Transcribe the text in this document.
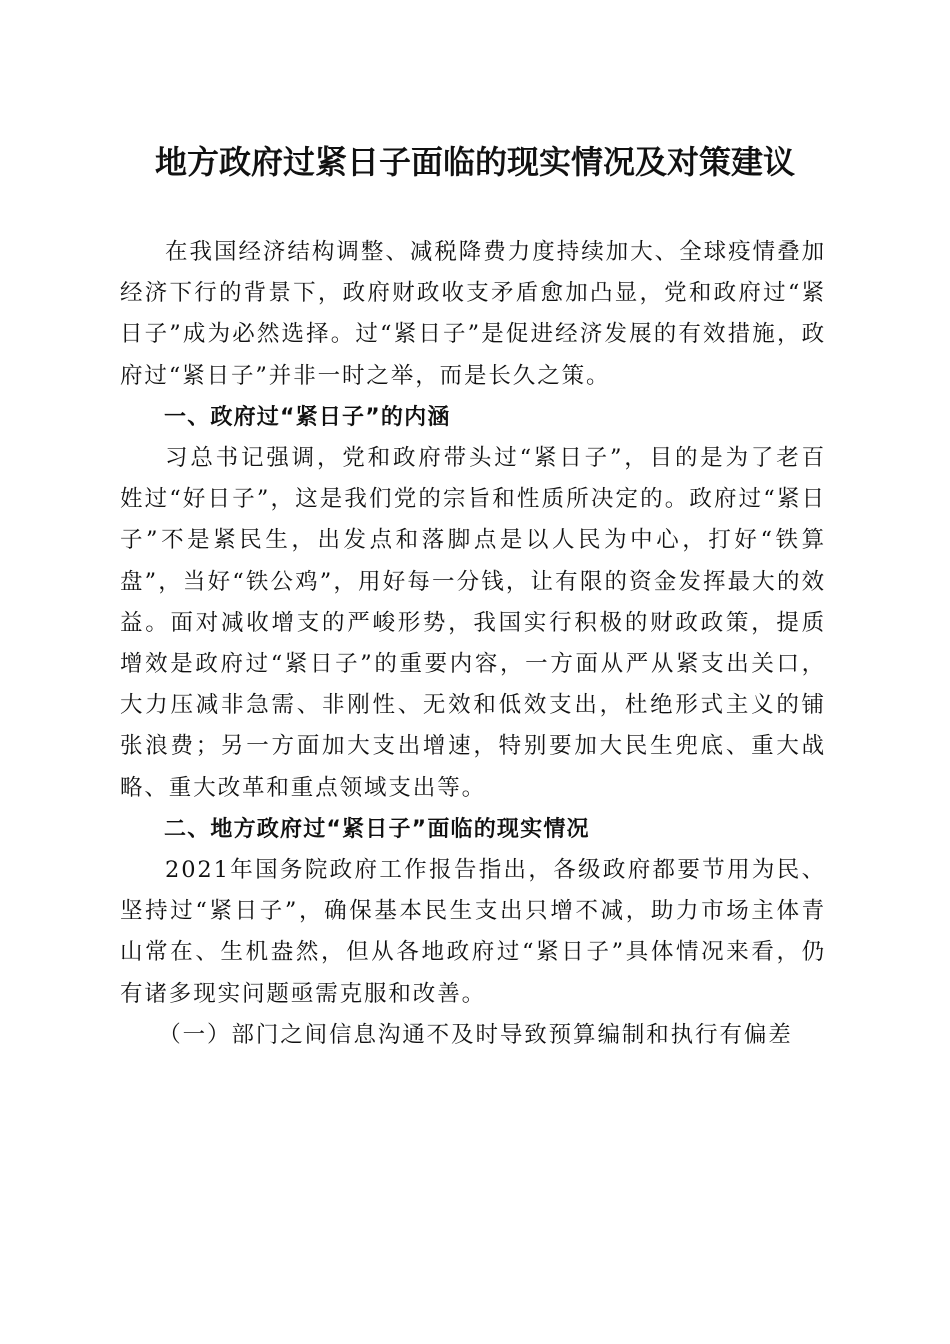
地方政府过紧日子面临的现实情况及对策建议

在我国经济结构调整、减税降费力度持续加大、全球疫情叠加经济下行的背景下，政府财政收支矛盾愈加凸显，党和政府过“紧日子”成为必然选择。过“紧日子”是促进经济发展的有效措施，政府过“紧日子”并非一时之举，而是长久之策。

一、政府过“紧日子”的内涵

习总书记强调，党和政府带头过“紧日子”，目的是为了老百姓过“好日子”，这是我们党的宗旨和性质所决定的。政府过“紧日子”不是紧民生，出发点和落脚点是以人民为中心，打好“铁算盘”，当好“铁公鸡”，用好每一分钱，让有限的资金发挥最大的效益。面对减收增支的严峻形势，我国实行积极的财政政策，提质增效是政府过“紧日子”的重要内容，一方面从严从紧支出关口，大力压减非急需、非刚性、无效和低效支出，杜绝形式主义的铺张浪费；另一方面加大支出增速，特别要加大民生兜底、重大战略、重大改革和重点领域支出等。

二、地方政府过“紧日子”面临的现实情况

2021年国务院政府工作报告指出，各级政府都要节用为民、坚持过“紧日子”，确保基本民生支出只增不减，助力市场主体青山常在、生机盎然，但从各地政府过“紧日子”具体情况来看，仍有诸多现实问题亟需克服和改善。

（一）部门之间信息沟通不及时导致预算编制和执行有偏差
